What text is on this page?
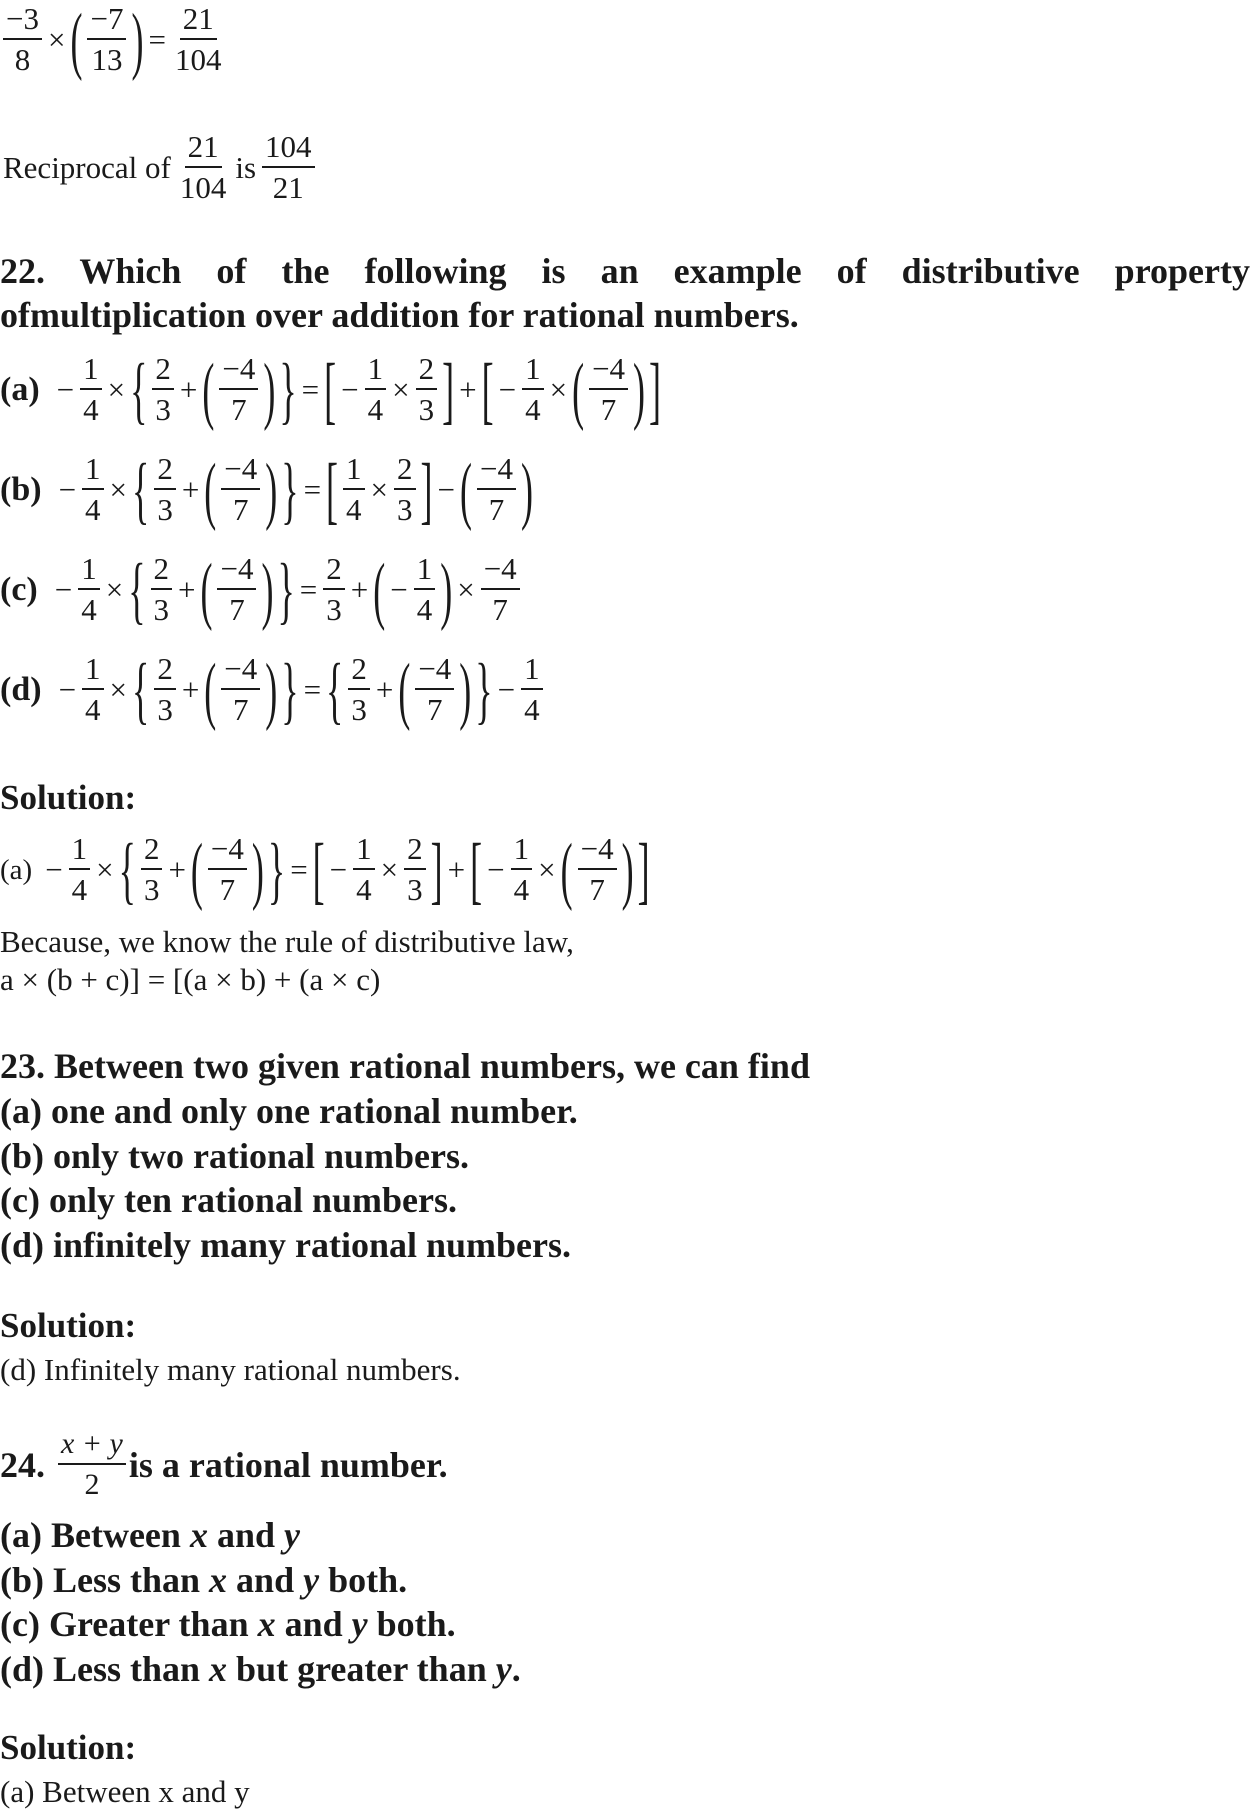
$\frac{-3}{8}$ × ( $\frac{-7}{13}$ ) = $\frac{21}{104}$
Reciprocal of $\frac{21}{104}$ is $\frac{104}{21}$
22. Which of the following is an example of distributive property
ofmultiplication over addition for rational numbers.
$(a) - \frac{1}{4}$ × { $\frac{2}{3}$ + ( $\frac{-4}{7}$ ) } = [ − $\frac{1}{4} \times \frac{2}{3}$ ] + [ − $\frac{1}{4}$ × ( $\frac{-4}{7}$ ) ]
$(b) - \frac{1}{4}$ × { $\frac{2}{3}$ + ( $\frac{-4}{7}$ ) } = [ $\frac{1}{4} \times \frac{2}{3}$ ] − ( $\frac{-4}{7}$ )
$(c) - \frac{1}{4}$ × { $\frac{2}{3}$ + ( $\frac{-4}{7}$ ) } = $\frac{2}{3}$ + ( − $\frac{1}{4}$ ) × $\frac{-4}{7}$
$(d) - \frac{1}{4}$ × { $\frac{2}{3}$ + ( $\frac{-4}{7}$ ) } = { $\frac{2}{3}$ + ( $\frac{-4}{7}$ ) } − $\frac{1}{4}$
Solution:
$(a) - \frac{1}{4}$ × { $\frac{2}{3}$ + ( $\frac{-4}{7}$ ) } = [ − $\frac{1}{4} \times \frac{2}{3}$ ] + [ − $\frac{1}{4}$ × ( $\frac{-4}{7}$ ) ]
Because, we know the rule of distributive law,
a × (b + c)] = [(a × b) + (a × c)
23. Between two given rational numbers, we can find
(a) one and only one rational number.
(b) only two rational numbers.
(c) only ten rational numbers.
(d) infinitely many rational numbers.
Solution:
(d) Infinitely many rational numbers.
24. $\frac{x + y}{2}$ is a rational number.
(a) Between x and y
(b) Less than x and y both.
(c) Greater than x and y both.
(d) Less than x but greater than y.
Solution:
(a) Between x and y
